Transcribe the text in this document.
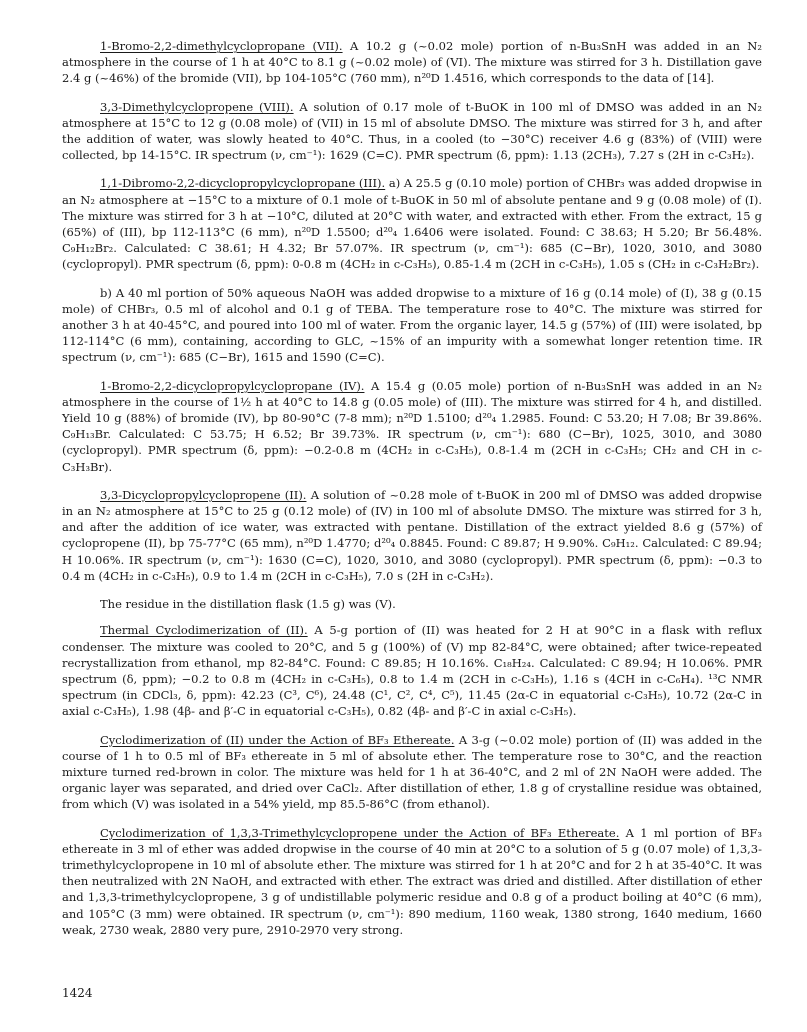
1-Bromo-2,2-dimethylcyclopropane (VII). A 10.2 g (~0.02 mole) portion of n-Bu₃SnH was added in an N₂ atmosphere in the course of 1 h at 40°C to 8.1 g (~0.02 mole) of (VI). The mixture was stirred for 3 h. Distillation gave 2.4 g (~46%) of the bromide (VII), bp 104-105°C (760 mm), n²⁰D 1.4516, which corresponds to the data of [14].

3,3-Dimethylcyclopropene (VIII). A solution of 0.17 mole of t-BuOK in 100 ml of DMSO was added in an N₂ atmosphere at 15°C to 12 g (0.08 mole) of (VII) in 15 ml of absolute DMSO. The mixture was stirred for 3 h, and after the addition of water, was slowly heated to 40°C. Thus, in a cooled (to −30°C) receiver 4.6 g (83%) of (VIII) were collected, bp 14-15°C. IR spectrum (ν, cm⁻¹): 1629 (C=C). PMR spectrum (δ, ppm): 1.13 (2CH₃), 7.27 s (2H in c-C₃H₂).

1,1-Dibromo-2,2-dicyclopropylcyclopropane (III). a) A 25.5 g (0.10 mole) portion of CHBr₃ was added dropwise in an N₂ atmosphere at −15°C to a mixture of 0.1 mole of t-BuOK in 50 ml of absolute pentane and 9 g (0.08 mole) of (I). The mixture was stirred for 3 h at −10°C, diluted at 20°C with water, and extracted with ether. From the extract, 15 g (65%) of (III), bp 112-113°C (6 mm), n²⁰D 1.5500; d²⁰₄ 1.6406 were isolated. Found: C 38.63; H 5.20; Br 56.48%. C₉H₁₂Br₂. Calculated: C 38.61; H 4.32; Br 57.07%. IR spectrum (ν, cm⁻¹): 685 (C−Br), 1020, 3010, and 3080 (cyclopropyl). PMR spectrum (δ, ppm): 0-0.8 m (4CH₂ in c-C₃H₅), 0.85-1.4 m (2CH in c-C₃H₅), 1.05 s (CH₂ in c-C₃H₂Br₂).

b) A 40 ml portion of 50% aqueous NaOH was added dropwise to a mixture of 16 g (0.14 mole) of (I), 38 g (0.15 mole) of CHBr₃, 0.5 ml of alcohol and 0.1 g of TEBA. The temperature rose to 40°C. The mixture was stirred for another 3 h at 40-45°C, and poured into 100 ml of water. From the organic layer, 14.5 g (57%) of (III) were isolated, bp 112-114°C (6 mm), containing, according to GLC, ~15% of an impurity with a somewhat longer retention time. IR spectrum (ν, cm⁻¹): 685 (C−Br), 1615 and 1590 (C=C).

1-Bromo-2,2-dicyclopropylcyclopropane (IV). A 15.4 g (0.05 mole) portion of n-Bu₃SnH was added in an N₂ atmosphere in the course of 1½ h at 40°C to 14.8 g (0.05 mole) of (III). The mixture was stirred for 4 h, and distilled. Yield 10 g (88%) of bromide (IV), bp 80-90°C (7-8 mm); n²⁰D 1.5100; d²⁰₄ 1.2985. Found: C 53.20; H 7.08; Br 39.86%. C₉H₁₃Br. Calculated: C 53.75; H 6.52; Br 39.73%. IR spectrum (ν, cm⁻¹): 680 (C−Br), 1025, 3010, and 3080 (cyclopropyl). PMR spectrum (δ, ppm): −0.2-0.8 m (4CH₂ in c-C₃H₅), 0.8-1.4 m (2CH in c-C₃H₅; CH₂ and CH in c-C₃H₃Br).

3,3-Dicyclopropylcyclopropene (II). A solution of ~0.28 mole of t-BuOK in 200 ml of DMSO was added dropwise in an N₂ atmosphere at 15°C to 25 g (0.12 mole) of (IV) in 100 ml of absolute DMSO. The mixture was stirred for 3 h, and after the addition of ice water, was extracted with pentane. Distillation of the extract yielded 8.6 g (57%) of cyclopropene (II), bp 75-77°C (65 mm), n²⁰D 1.4770; d²⁰₄ 0.8845. Found: C 89.87; H 9.90%. C₉H₁₂. Calculated: C 89.94; H 10.06%. IR spectrum (ν, cm⁻¹): 1630 (C=C), 1020, 3010, and 3080 (cyclopropyl). PMR spectrum (δ, ppm): −0.3 to 0.4 m (4CH₂ in c-C₃H₅), 0.9 to 1.4 m (2CH in c-C₃H₅), 7.0 s (2H in c-C₃H₂).

The residue in the distillation flask (1.5 g) was (V).

Thermal Cyclodimerization of (II). A 5-g portion of (II) was heated for 2 H at 90°C in a flask with reflux condenser. The mixture was cooled to 20°C, and 5 g (100%) of (V) mp 82-84°C, were obtained; after twice-repeated recrystallization from ethanol, mp 82-84°C. Found: C 89.85; H 10.16%. C₁₈H₂₄. Calculated: C 89.94; H 10.06%. PMR spectrum (δ, ppm); −0.2 to 0.8 m (4CH₂ in c-C₃H₅), 0.8 to 1.4 m (2CH in c-C₃H₅), 1.16 s (4CH in c-C₆H₄). ¹³C NMR spectrum (in CDCl₃, δ, ppm): 42.23 (C³, C⁶), 24.48 (C¹, C², C⁴, C⁵), 11.45 (2α-C in equatorial c-C₃H₅), 10.72 (2α-C in axial c-C₃H₅), 1.98 (4β- and β′-C in equatorial c-C₃H₅), 0.82 (4β- and β′-C in axial c-C₃H₅).

Cyclodimerization of (II) under the Action of BF₃ Ethereate. A 3-g (~0.02 mole) portion of (II) was added in the course of 1 h to 0.5 ml of BF₃ ethereate in 5 ml of absolute ether. The temperature rose to 30°C, and the reaction mixture turned red-brown in color. The mixture was held for 1 h at 36-40°C, and 2 ml of 2N NaOH were added. The organic layer was separated, and dried over CaCl₂. After distillation of ether, 1.8 g of crystalline residue was obtained, from which (V) was isolated in a 54% yield, mp 85.5-86°C (from ethanol).

Cyclodimerization of 1,3,3-Trimethylcyclopropene under the Action of BF₃ Ethereate. A 1 ml portion of BF₃ ethereate in 3 ml of ether was added dropwise in the course of 40 min at 20°C to a solution of 5 g (0.07 mole) of 1,3,3-trimethylcyclopropene in 10 ml of absolute ether. The mixture was stirred for 1 h at 20°C and for 2 h at 35-40°C. It was then neutralized with 2N NaOH, and extracted with ether. The extract was dried and distilled. After distillation of ether and 1,3,3-trimethylcyclopropene, 3 g of undistillable polymeric residue and 0.8 g of a product boiling at 40°C (6 mm), and 105°C (3 mm) were obtained. IR spectrum (ν, cm⁻¹): 890 medium, 1160 weak, 1380 strong, 1640 medium, 1660 weak, 2730 weak, 2880 very pure, 2910-2970 very strong.

1424
